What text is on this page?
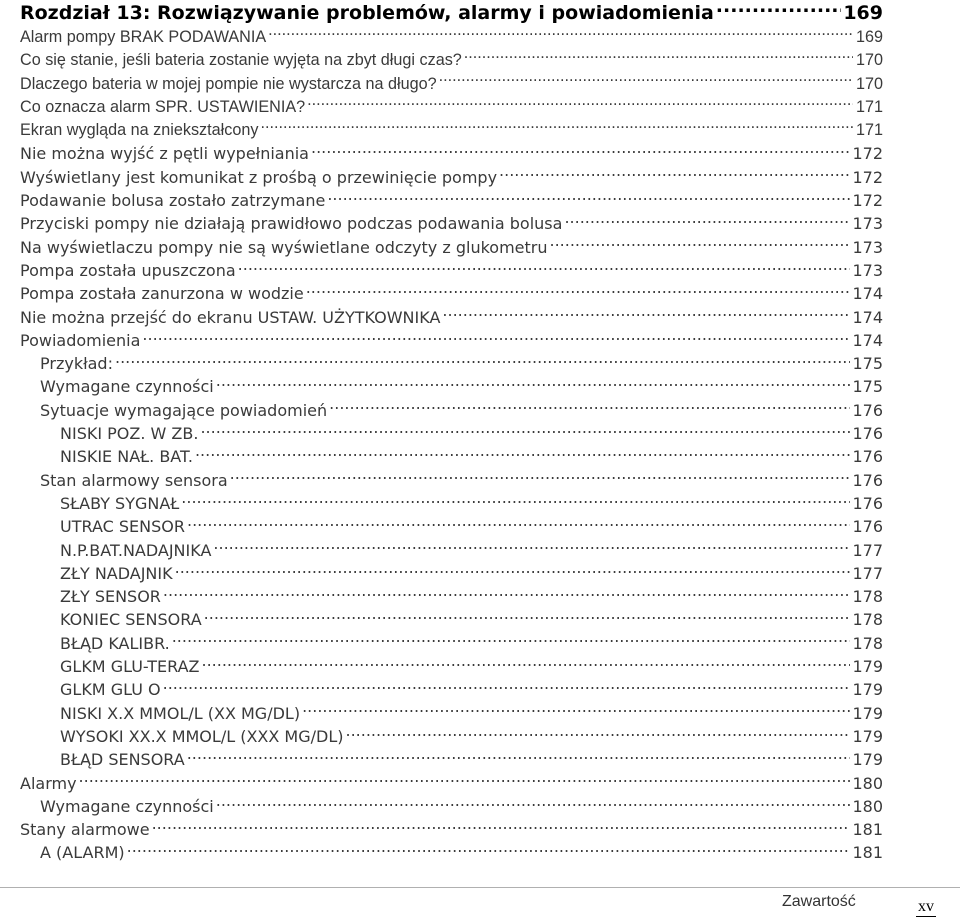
Rozdział 13: Rozwiązywanie problemów, alarmy i powiadomienia .....	169
Alarm pompy BRAK PODAWANIA .....	169
Co się stanie, jeśli bateria zostanie wyjęta na zbyt długi czas? .....	170
Dlaczego bateria w mojej pompie nie wystarcza na długo? .....	170
Co oznacza alarm SPR. USTAWIENIA? .....	171
Ekran wygląda na zniekształcony .....	171
Nie można wyjść z pętli wypełniania .....	172
Wyświetlany jest komunikat z prośbą o przewinięcie pompy .....	172
Podawanie bolusa zostało zatrzymane .....	172
Przyciski pompy nie działają prawidłowo podczas podawania bolusa .....	173
Na wyświetlaczu pompy nie są wyświetlane odczyty z glukometru .....	173
Pompa została upuszczona .....	173
Pompa została zanurzona w wodzie .....	174
Nie można przejść do ekranu USTAW. UŻYTKOWNIKA .....	174
Powiadomienia .....	174
Przykład: .....	175
Wymagane czynności .....	175
Sytuacje wymagające powiadomień .....	176
NISKI POZ. W ZB. .....	176
NISKIE NAŁ. BAT. .....	176
Stan alarmowy sensora .....	176
SŁABY SYGNAŁ .....	176
UTRAC SENSOR .....	176
N.P.BAT.NADAJNIKA .....	177
ZŁY NADAJNIK .....	177
ZŁY SENSOR .....	178
KONIEC SENSORA .....	178
BŁĄD KALIBR. .....	178
GLKM GLU-TERAZ .....	179
GLKM GLU O .....	179
NISKI X.X MMOL/L (XX MG/DL) .....	179
WYSOKI XX.X MMOL/L (XXX MG/DL) .....	179
BŁĄD SENSORA .....	179
Alarmy .....	180
Wymagane czynności .....	180
Stany alarmowe .....	181
A (ALARM) .....	181
Zawartość	xv
